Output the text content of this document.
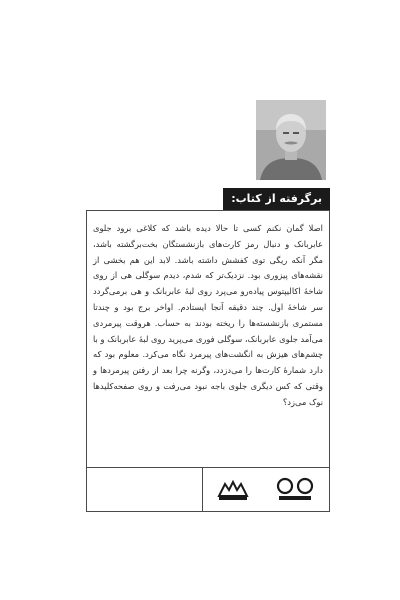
برگرفته از کتاب:

اصلا گمان نکنم کسی تا حالا دیده باشد که کلاغی برود جلوی عابربانک و دنبال رمز کارت‌های بازنشستگان بخت‌برگشته باشد، مگر آنکه ریگی توی کفشش داشته باشد. لابد این هم بخشی از نقشه‌های پیزوری بود. نزدیک‌تر که شدم، دیدم سوگلی هی از روی شاخهٔ اکالیپتوس پیاده‌رو می‌پرد روی لبهٔ عابربانک و هی برمی‌گردد سر شاخهٔ اول. چند دقیقه آنجا ایستادم. اواخر برج بود و چندتا مستمری بازنشسته‌ها را ریخته بودند به حساب. هروقت پیرمردی می‌آمد جلوی عابربانک، سوگلی فوری می‌پرید روی لبهٔ عابربانک و با چشم‌های هیزش به انگشت‌های پیرمرد نگاه می‌کرد. معلوم بود که دارد شمارهٔ کارت‌ها را می‌دزدد، وگرنه چرا بعد از رفتن پیرمردها و وقتی که کس دیگری جلوی باجه نبود می‌رفت و روی صفحه‌کلیدها نوک می‌زد؟
